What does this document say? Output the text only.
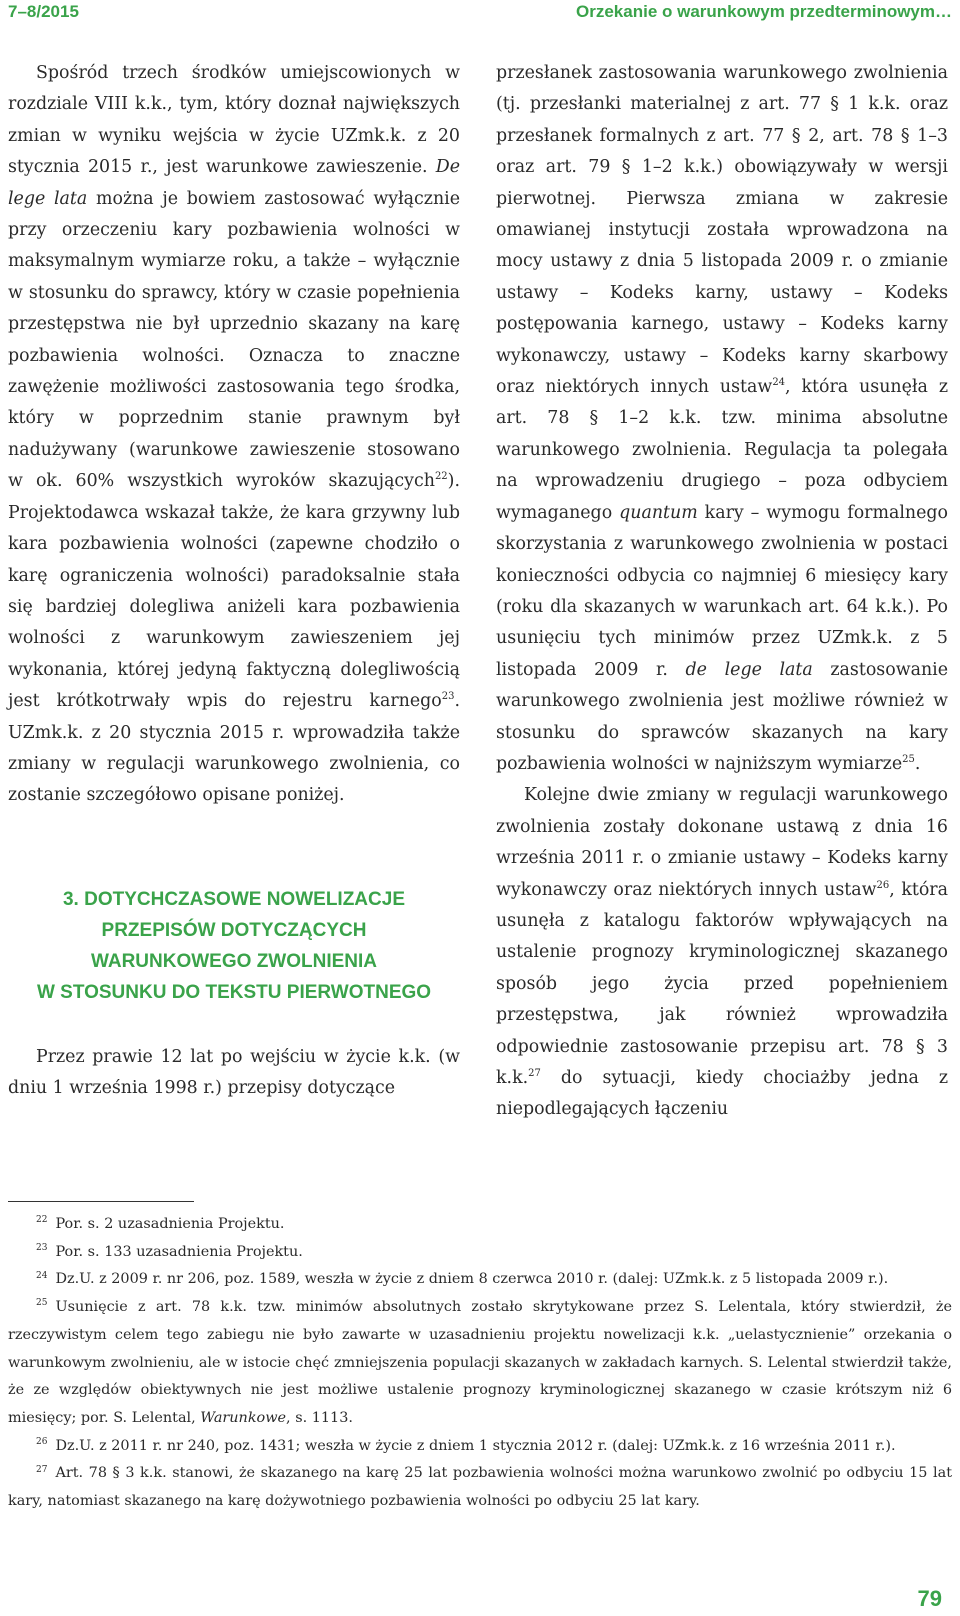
7–8/2015	Orzekanie o warunkowym przedterminowym…

Spośród trzech środków umiejscowionych w rozdziale VIII k.k., tym, który doznał największych zmian w wyniku wejścia w życie UZmk.k. z 20 stycznia 2015 r., jest warunkowe zawieszenie. De lege lata można je bowiem zastosować wyłącznie przy orzeczeniu kary pozbawienia wolności w maksymalnym wymiarze roku, a także – wyłącznie w stosunku do sprawcy, który w czasie popełnienia przestępstwa nie był uprzednio skazany na karę pozbawienia wolności. Oznacza to znaczne zawężenie możliwości zastosowania tego środka, który w poprzednim stanie prawnym był nadużywany (warunkowe zawieszenie stosowano w ok. 60% wszystkich wyroków skazujących$^{22}$). Projektodawca wskazał także, że kara grzywny lub kara pozbawienia wolności (zapewne chodziło o karę ograniczenia wolności) paradoksalnie stała się bardziej dolegliwa aniżeli kara pozbawienia wolności z warunkowym zawieszeniem jej wykonania, której jedyną faktyczną dolegliwością jest krótkotrwały wpis do rejestru karnego$^{23}$. UZmk.k. z 20 stycznia 2015 r. wprowadziła także zmiany w regulacji warunkowego zwolnienia, co zostanie szczegółowo opisane poniżej.

3. DOTYCHCZASOWE NOWELIZACJE
PRZEPISÓW DOTYCZĄCYCH
WARUNKOWEGO ZWOLNIENIA
W STOSUNKU DO TEKSTU PIERWOTNEGO

Przez prawie 12 lat po wejściu w życie k.k. (w dniu 1 września 1998 r.) przepisy dotyczące

przesłanek zastosowania warunkowego zwolnienia (tj. przesłanki materialnej z art. 77 § 1 k.k. oraz przesłanek formalnych z art. 77 § 2, art. 78 § 1–3 oraz art. 79 § 1–2 k.k.) obowiązywały w wersji pierwotnej. Pierwsza zmiana w zakresie omawianej instytucji została wprowadzona na mocy ustawy z dnia 5 listopada 2009 r. o zmianie ustawy – Kodeks karny, ustawy – Kodeks postępowania karnego, ustawy – Kodeks karny wykonawczy, ustawy – Kodeks karny skarbowy oraz niektórych innych ustaw$^{24}$, która usunęła z art. 78 § 1–2 k.k. tzw. minima absolutne warunkowego zwolnienia. Regulacja ta polegała na wprowadzeniu drugiego – poza odbyciem wymaganego quantum kary – wymogu formalnego skorzystania z warunkowego zwolnienia w postaci konieczności odbycia co najmniej 6 miesięcy kary (roku dla skazanych w warunkach art. 64 k.k.). Po usunięciu tych minimów przez UZmk.k. z 5 listopada 2009 r. de lege lata zastosowanie warunkowego zwolnienia jest możliwe również w stosunku do sprawców skazanych na kary pozbawienia wolności w najniższym wymiarze$^{25}$.

Kolejne dwie zmiany w regulacji warunkowego zwolnienia zostały dokonane ustawą z dnia 16 września 2011 r. o zmianie ustawy – Kodeks karny wykonawczy oraz niektórych innych ustaw$^{26}$, która usunęła z katalogu faktorów wpływających na ustalenie prognozy kryminologicznej skazanego sposób jego życia przed popełnieniem przestępstwa, jak również wprowadziła odpowiednie zastosowanie przepisu art. 78 § 3 k.k.$^{27}$ do sytuacji, kiedy chociażby jedna z niepodlegających łączeniu

$^{22}$ Por. s. 2 uzasadnienia Projektu.

$^{23}$ Por. s. 133 uzasadnienia Projektu.

$^{24}$ Dz.U. z 2009 r. nr 206, poz. 1589, weszła w życie z dniem 8 czerwca 2010 r. (dalej: UZmk.k. z 5 listopada 2009 r.).

$^{25}$ Usunięcie z art. 78 k.k. tzw. minimów absolutnych zostało skrytykowane przez S. Lelentala, który stwierdził, że rzeczywistym celem tego zabiegu nie było zawarte w uzasadnieniu projektu nowelizacji k.k. „uelastycznienie” orzekania o warunkowym zwolnieniu, ale w istocie chęć zmniejszenia populacji skazanych w zakładach karnych. S. Lelental stwierdził także, że ze względów obiektywnych nie jest możliwe ustalenie prognozy kryminologicznej skazanego w czasie krótszym niż 6 miesięcy; por. S. Lelental, Warunkowe, s. 1113.

$^{26}$ Dz.U. z 2011 r. nr 240, poz. 1431; weszła w życie z dniem 1 stycznia 2012 r. (dalej: UZmk.k. z 16 września 2011 r.).

$^{27}$ Art. 78 § 3 k.k. stanowi, że skazanego na karę 25 lat pozbawienia wolności można warunkowo zwolnić po odbyciu 15 lat kary, natomiast skazanego na karę dożywotniego pozbawienia wolności po odbyciu 25 lat kary.

79
